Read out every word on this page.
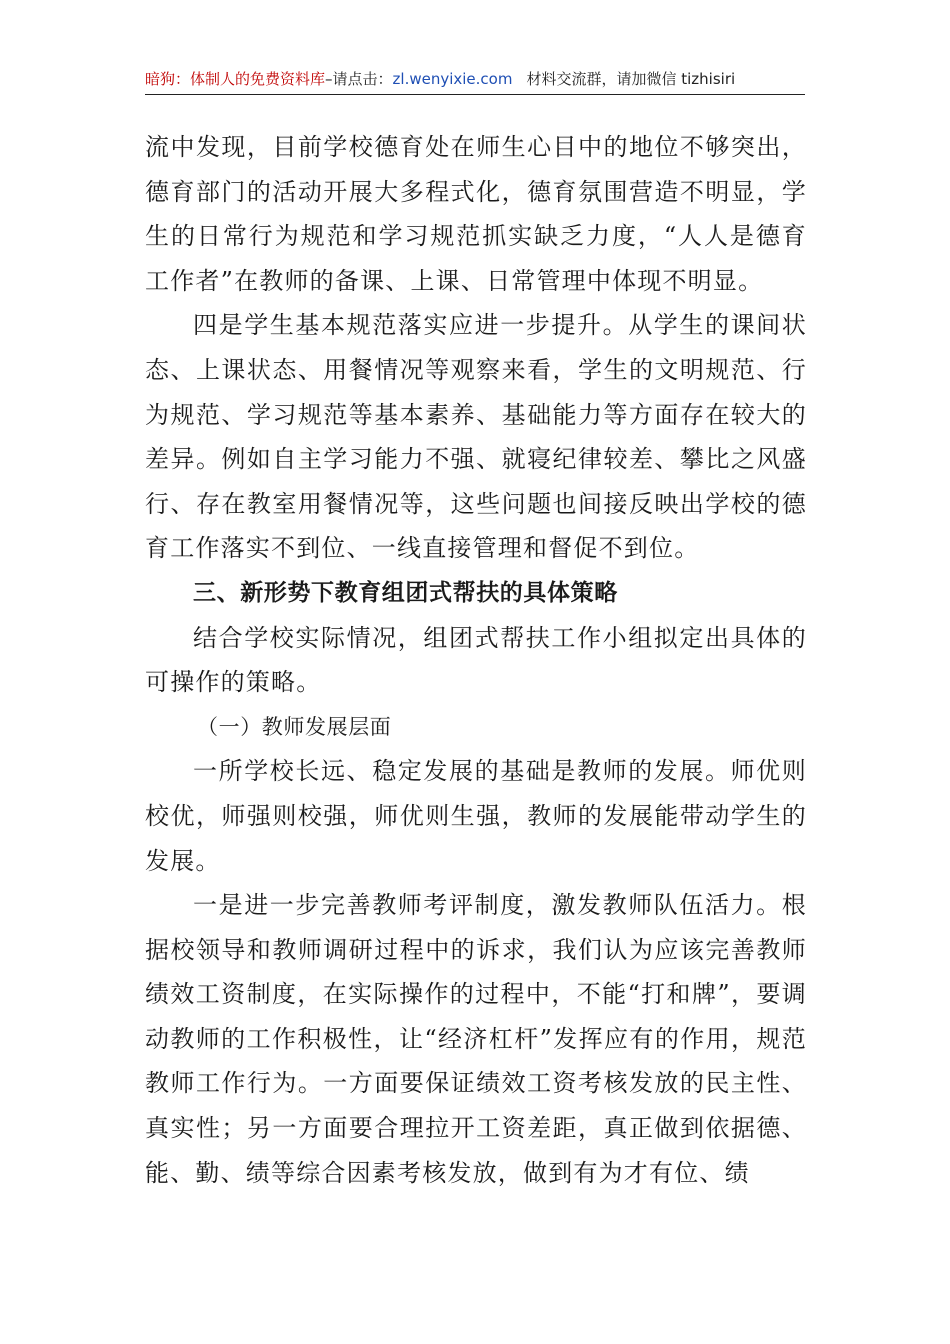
暗狗：体制人的免费资料库–请点击：zl.wenyixie.com 材料交流群，请加微信 tizhisiri

流中发现，目前学校德育处在师生心目中的地位不够突出，德育部门的活动开展大多程式化，德育氛围营造不明显，学生的日常行为规范和学习规范抓实缺乏力度，“人人是德育工作者”在教师的备课、上课、日常管理中体现不明显。

四是学生基本规范落实应进一步提升。从学生的课间状态、上课状态、用餐情况等观察来看，学生的文明规范、行为规范、学习规范等基本素养、基础能力等方面存在较大的差异。例如自主学习能力不强、就寝纪律较差、攀比之风盛行、存在教室用餐情况等，这些问题也间接反映出学校的德育工作落实不到位、一线直接管理和督促不到位。

三、新形势下教育组团式帮扶的具体策略

结合学校实际情况，组团式帮扶工作小组拟定出具体的可操作的策略。

（一）教师发展层面

一所学校长远、稳定发展的基础是教师的发展。师优则校优，师强则校强，师优则生强，教师的发展能带动学生的发展。

一是进一步完善教师考评制度，激发教师队伍活力。根据校领导和教师调研过程中的诉求，我们认为应该完善教师绩效工资制度，在实际操作的过程中，不能“打和牌”，要调动教师的工作积极性，让“经济杠杆”发挥应有的作用，规范教师工作行为。一方面要保证绩效工资考核发放的民主性、真实性；另一方面要合理拉开工资差距，真正做到依据德、能、勤、绩等综合因素考核发放，做到有为才有位、绩
